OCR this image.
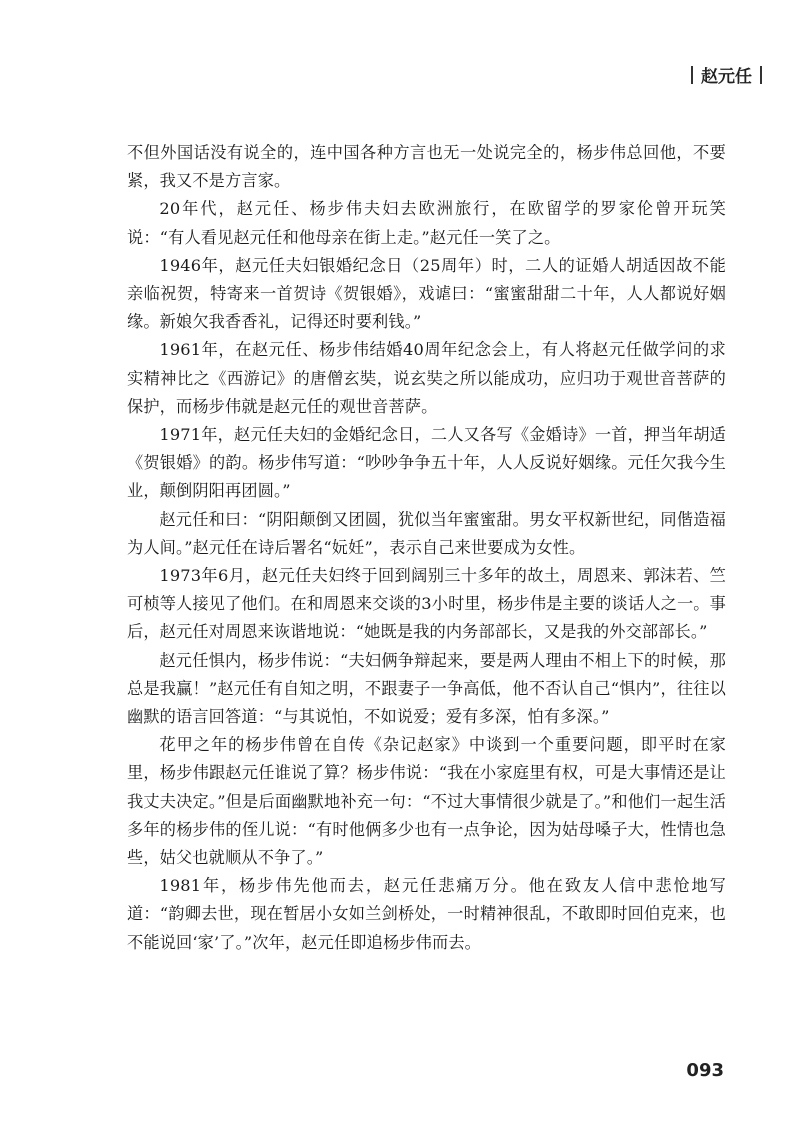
赵元任

不但外国话没有说全的，连中国各种方言也无一处说完全的，杨步伟总回他，不要紧，我又不是方言家。

20年代，赵元任、杨步伟夫妇去欧洲旅行，在欧留学的罗家伦曾开玩笑说：“有人看见赵元任和他母亲在街上走。”赵元任一笑了之。

1946年，赵元任夫妇银婚纪念日（25周年）时，二人的证婚人胡适因故不能亲临祝贺，特寄来一首贺诗《贺银婚》，戏谑曰：“蜜蜜甜甜二十年，人人都说好姻缘。新娘欠我香香礼，记得还时要利钱。”

1961年，在赵元任、杨步伟结婚40周年纪念会上，有人将赵元任做学问的求实精神比之《西游记》的唐僧玄奘，说玄奘之所以能成功，应归功于观世音菩萨的保护，而杨步伟就是赵元任的观世音菩萨。

1971年，赵元任夫妇的金婚纪念日，二人又各写《金婚诗》一首，押当年胡适《贺银婚》的韵。杨步伟写道：“吵吵争争五十年，人人反说好姻缘。元任欠我今生业，颠倒阴阳再团圆。”

赵元任和曰：“阴阳颠倒又团圆，犹似当年蜜蜜甜。男女平权新世纪，同偕造福为人间。”赵元任在诗后署名“妧妊”，表示自己来世要成为女性。

1973年6月，赵元任夫妇终于回到阔别三十多年的故土，周恩来、郭沫若、竺可桢等人接见了他们。在和周恩来交谈的3小时里，杨步伟是主要的谈话人之一。事后，赵元任对周恩来诙谐地说：“她既是我的内务部部长，又是我的外交部部长。”

赵元任惧内，杨步伟说：“夫妇俩争辩起来，要是两人理由不相上下的时候，那总是我赢！”赵元任有自知之明，不跟妻子一争高低，他不否认自己“惧内”，往往以幽默的语言回答道：“与其说怕，不如说爱；爱有多深，怕有多深。”

花甲之年的杨步伟曾在自传《杂记赵家》中谈到一个重要问题，即平时在家里，杨步伟跟赵元任谁说了算？杨步伟说：“我在小家庭里有权，可是大事情还是让我丈夫决定。”但是后面幽默地补充一句：“不过大事情很少就是了。”和他们一起生活多年的杨步伟的侄儿说：“有时他俩多少也有一点争论，因为姑母嗓子大，性情也急些，姑父也就顺从不争了。”

1981年，杨步伟先他而去，赵元任悲痛万分。他在致友人信中悲怆地写道：“韵卿去世，现在暂居小女如兰剑桥处，一时精神很乱，不敢即时回伯克来，也不能说回‘家’了。”次年，赵元任即追杨步伟而去。

093
